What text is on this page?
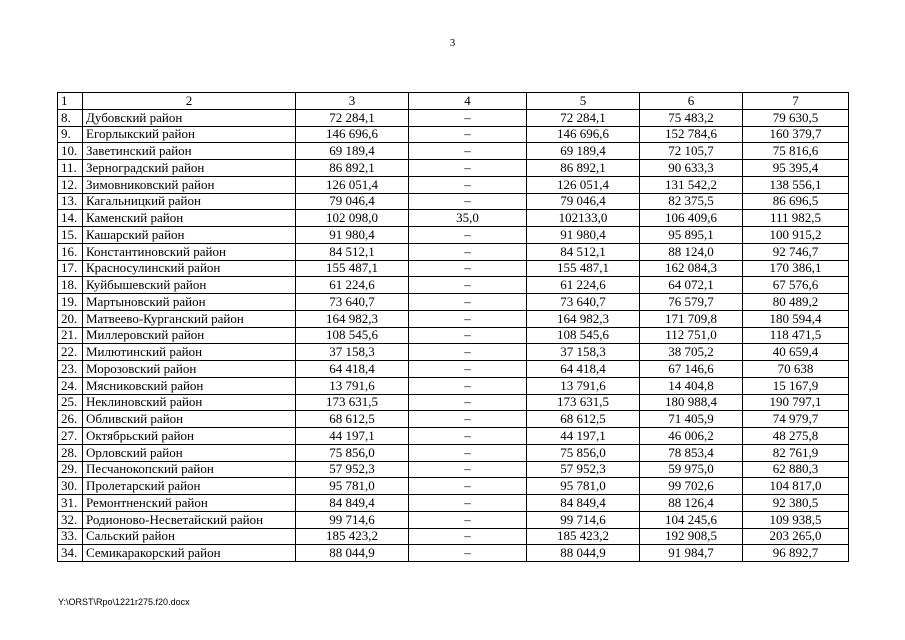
3
1	2	3	4	5	6	7
8.	Дубовский район	72 284,1	–	72 284,1	75 483,2	79 630,5
9.	Егорлыкский район	146 696,6	–	146 696,6	152 784,6	160 379,7
10.	Заветинский район	69 189,4	–	69 189,4	72 105,7	75 816,6
11.	Зерноградский район	86 892,1	–	86 892,1	90 633,3	95 395,4
12.	Зимовниковский район	126 051,4	–	126 051,4	131 542,2	138 556,1
13.	Кагальницкий район	79 046,4	–	79 046,4	82 375,5	86 696,5
14.	Каменский район	102 098,0	35,0	102133,0	106 409,6	111 982,5
15.	Кашарский район	91 980,4	–	91 980,4	95 895,1	100 915,2
16.	Константиновский район	84 512,1	–	84 512,1	88 124,0	92 746,7
17.	Красносулинский район	155 487,1	–	155 487,1	162 084,3	170 386,1
18.	Куйбышевский район	61 224,6	–	61 224,6	64 072,1	67 576,6
19.	Мартыновский район	73 640,7	–	73 640,7	76 579,7	80 489,2
20.	Матвеево-Курганский район	164 982,3	–	164 982,3	171 709,8	180 594,4
21.	Миллеровский район	108 545,6	–	108 545,6	112 751,0	118 471,5
22.	Милютинский район	37 158,3	–	37 158,3	38 705,2	40 659,4
23.	Морозовский район	64 418,4	–	64 418,4	67 146,6	70 638
24.	Мясниковский район	13 791,6	–	13 791,6	14 404,8	15 167,9
25.	Неклиновский район	173 631,5	–	173 631,5	180 988,4	190 797,1
26.	Обливский район	68 612,5	–	68 612,5	71 405,9	74 979,7
27.	Октябрьский район	44 197,1	–	44 197,1	46 006,2	48 275,8
28.	Орловский район	75 856,0	–	75 856,0	78 853,4	82 761,9
29.	Песчанокопский район	57 952,3	–	57 952,3	59 975,0	62 880,3
30.	Пролетарский район	95 781,0	–	95 781,0	99 702,6	104 817,0
31.	Ремонтненский район	84 849,4	–	84 849,4	88 126,4	92 380,5
32.	Родионово-Несветайский район	99 714,6	–	99 714,6	104 245,6	109 938,5
33.	Сальский район	185 423,2	–	185 423,2	192 908,5	203 265,0
34.	Семикаракорский район	88 044,9	–	88 044,9	91 984,7	96 892,7
Y:\ORST\Rpo\1221r275.f20.docx
